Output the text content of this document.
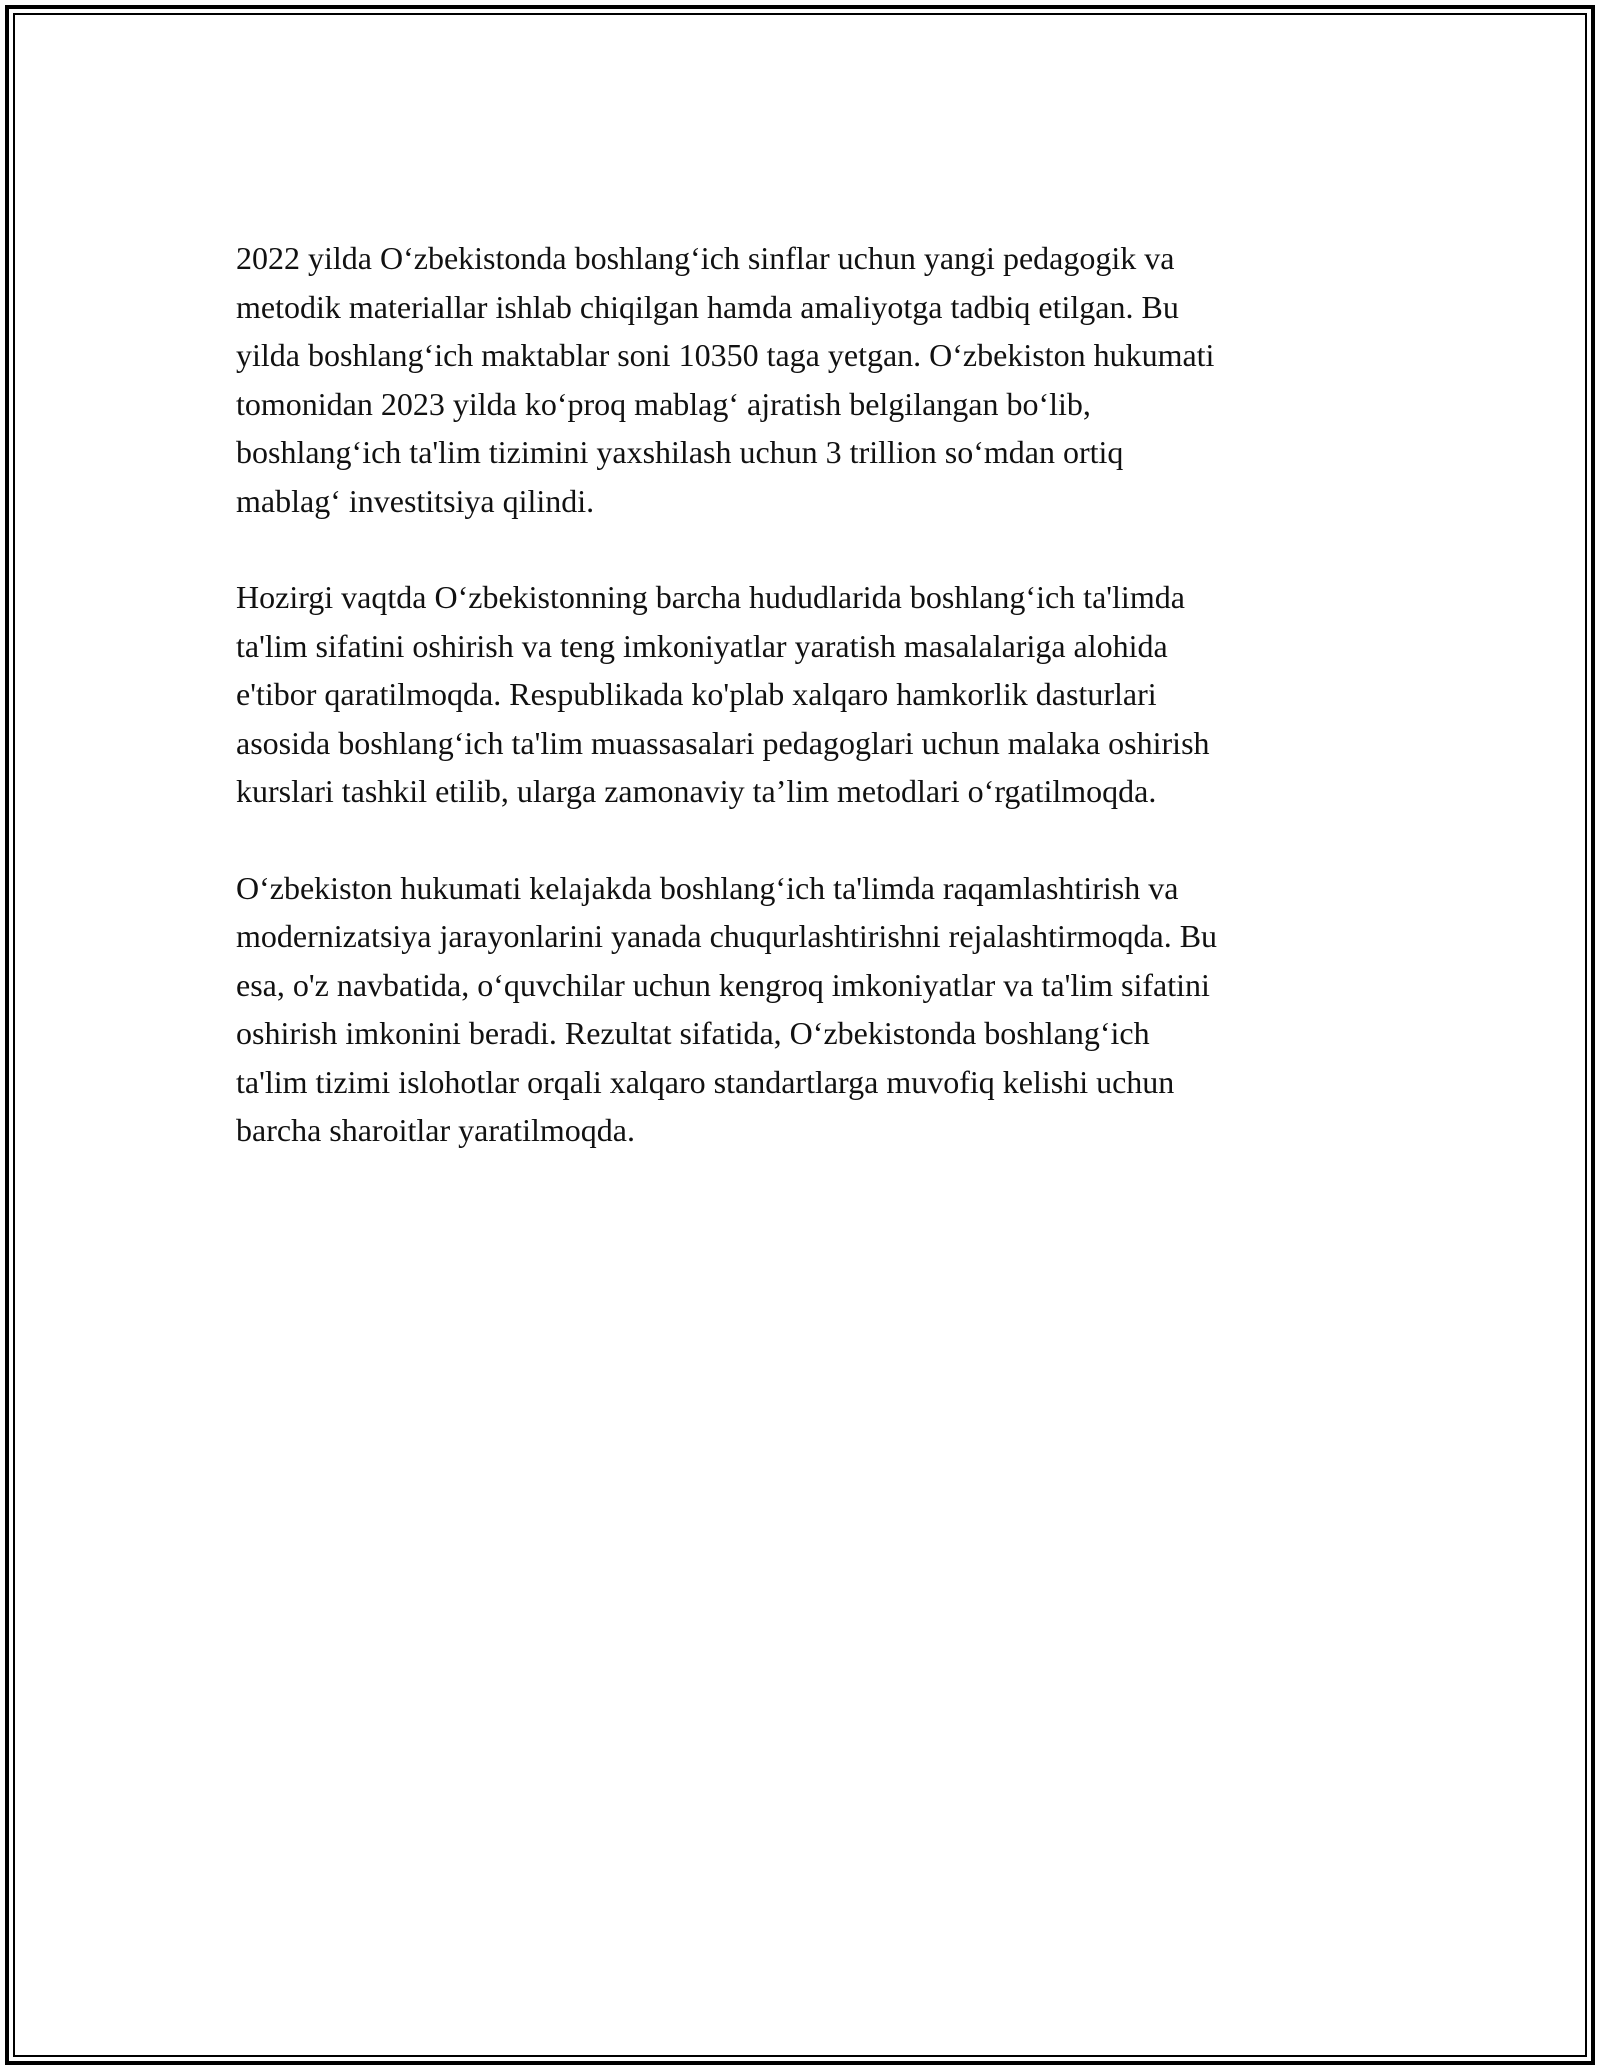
2022 yilda O‘zbekistonda boshlang‘ich sinflar uchun yangi pedagogik va
metodik materiallar ishlab chiqilgan hamda amaliyotga tadbiq etilgan. Bu
yilda boshlang‘ich maktablar soni 10350 taga yetgan. O‘zbekiston hukumati
tomonidan 2023 yilda ko‘proq mablag‘ ajratish belgilangan bo‘lib,
boshlang‘ich ta'lim tizimini yaxshilash uchun 3 trillion so‘mdan ortiq
mablag‘ investitsiya qilindi.

Hozirgi vaqtda O‘zbekistonning barcha hududlarida boshlang‘ich ta'limda
ta'lim sifatini oshirish va teng imkoniyatlar yaratish masalalariga alohida
e'tibor qaratilmoqda. Respublikada ko'plab xalqaro hamkorlik dasturlari
asosida boshlang‘ich ta'lim muassasalari pedagoglari uchun malaka oshirish
kurslari tashkil etilib, ularga zamonaviy ta’lim metodlari o‘rgatilmoqda.

O‘zbekiston hukumati kelajakda boshlang‘ich ta'limda raqamlashtirish va
modernizatsiya jarayonlarini yanada chuqurlashtirishni rejalashtirmoqda. Bu
esa, o'z navbatida, o‘quvchilar uchun kengroq imkoniyatlar va ta'lim sifatini
oshirish imkonini beradi. Rezultat sifatida, O‘zbekistonda boshlang‘ich
ta'lim tizimi islohotlar orqali xalqaro standartlarga muvofiq kelishi uchun
barcha sharoitlar yaratilmoqda.
